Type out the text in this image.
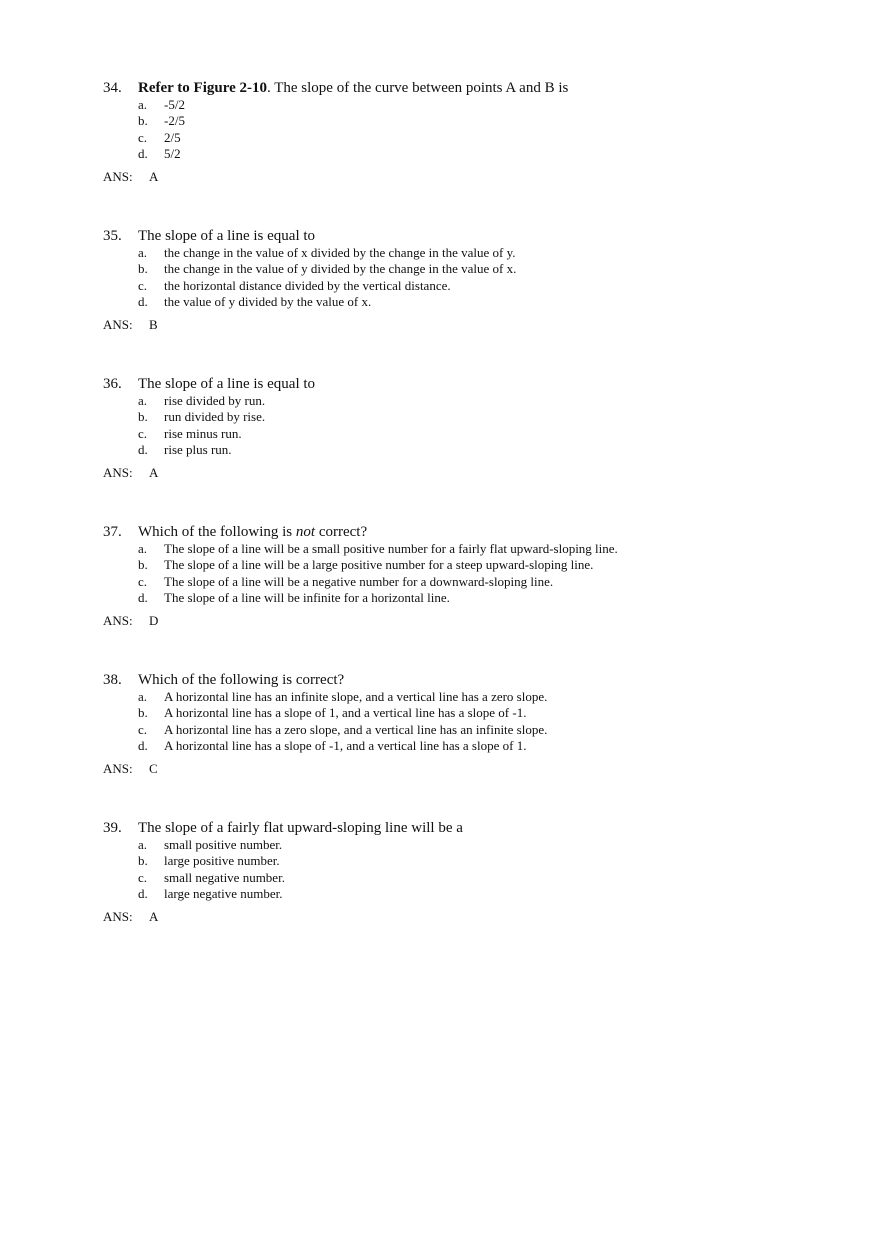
34. Refer to Figure 2-10. The slope of the curve between points A and B is
a. -5/2
b. -2/5
c. 2/5
d. 5/2
ANS: A
35. The slope of a line is equal to
a. the change in the value of x divided by the change in the value of y.
b. the change in the value of y divided by the change in the value of x.
c. the horizontal distance divided by the vertical distance.
d. the value of y divided by the value of x.
ANS: B
36. The slope of a line is equal to
a. rise divided by run.
b. run divided by rise.
c. rise minus run.
d. rise plus run.
ANS: A
37. Which of the following is not correct?
a. The slope of a line will be a small positive number for a fairly flat upward-sloping line.
b. The slope of a line will be a large positive number for a steep upward-sloping line.
c. The slope of a line will be a negative number for a downward-sloping line.
d. The slope of a line will be infinite for a horizontal line.
ANS: D
38. Which of the following is correct?
a. A horizontal line has an infinite slope, and a vertical line has a zero slope.
b. A horizontal line has a slope of 1, and a vertical line has a slope of -1.
c. A horizontal line has a zero slope, and a vertical line has an infinite slope.
d. A horizontal line has a slope of -1, and a vertical line has a slope of 1.
ANS: C
39. The slope of a fairly flat upward-sloping line will be a
a. small positive number.
b. large positive number.
c. small negative number.
d. large negative number.
ANS: A
